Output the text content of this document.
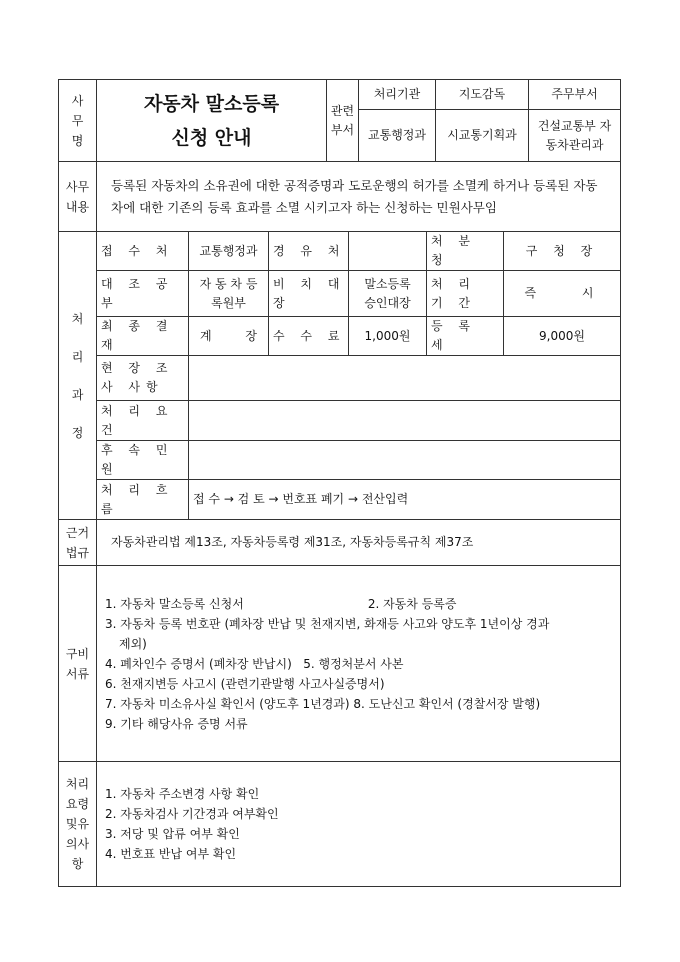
사무명	자동차 말소등록
신청 안내	관련부서	처리기관	지도감독	주무부서
			교통행정과	시교통기획과	건설교통부 자동차관리과
사무내용	등록된 자동차의 소유권에 대한 공적증명과 도로운행의 허가를 소멸케 하거나 등록된 자동차에 대한 기존의 등록 효과를 소멸 시키고자 하는 신청하는 민원사무임
처리과정	접 수 처	교통행정과	경 유 처		처 분 청	구 청 장
	대 조 공 부	자 동 차 등록원부	비 치 대 장	말소등록 승인대장	처 리 기 간	즉 시
	최 종 결 재	계 장	수 수 료	1,000원	등 록 세	9,000원
	현 장 조 사 사항					
	처 리 요 건					
	후 속 민 원					
	처 리 흐 름	접 수 → 검 토 → 번호표 폐기 → 전산입력				
근거법규	자동차관리법 제13조, 자동차등록령 제31조, 자동차등록규칙 제37조
구비서류	
1. 자동차 말소등록 신청서	2. 자동차 등록증
3. 자동차 등록 번호판 (폐차장 반납 및 천재지변, 화재등 사고와 양도후 1년이상 경과
제외)
4. 폐차인수 증명서 (폐차장 반납시)   5. 행정처분서 사본
6. 천재지변등 사고시 (관련기관발행 사고사실증명서)
7. 자동차 미소유사실 확인서 (양도후 1년경과) 8. 도난신고 확인서 (경찰서장 발행)
9. 기타 해당사유 증명 서류
처리요령및유의사항	
1. 자동차 주소변경 사항 확인
2. 자동차검사 기간경과 여부확인
3. 저당 및 압류 여부 확인
4. 번호표 반납 여부 확인
